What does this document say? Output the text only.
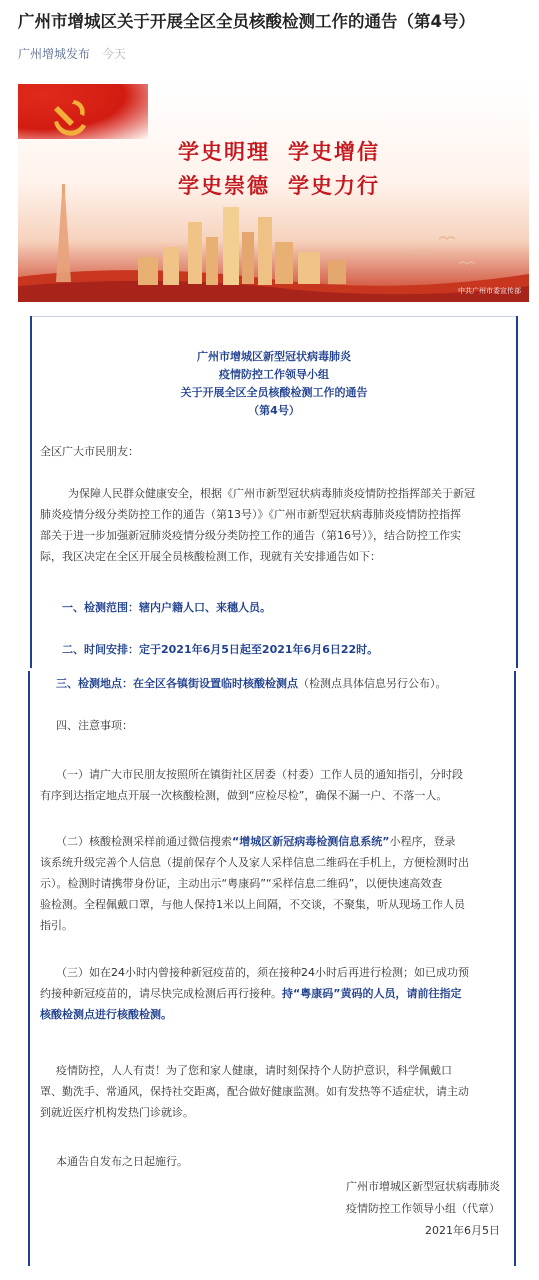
广州市增城区关于开展全区全员核酸检测工作的通告（第4号）
广州增城发布 今天
学史明理 学史增信
学史崇德 学史力行
中共广州市委宣传部
广州市增城区新型冠状病毒肺炎
疫情防控工作领导小组
关于开展全区全员核酸检测工作的通告
（第4号）
全区广大市民朋友：
为保障人民群众健康安全，根据《广州市新型冠状病毒肺炎疫情防控指挥部关于新冠
肺炎疫情分级分类防控工作的通告（第13号）》《广州市新型冠状病毒肺炎疫情防控指挥
部关于进一步加强新冠肺炎疫情分级分类防控工作的通告（第16号）》，结合防控工作实
际，我区决定在全区开展全员核酸检测工作，现就有关安排通告如下：
一、检测范围：辖内户籍人口、来穗人员。
二、时间安排：定于2021年6月5日起至2021年6月6日22时。
三、检测地点：在全区各镇街设置临时核酸检测点（检测点具体信息另行公布）。
四、注意事项：
（一）请广大市民朋友按照所在镇街社区居委（村委）工作人员的通知指引，分时段
有序到达指定地点开展一次核酸检测，做到“应检尽检”，确保不漏一户、不落一人。
（二）核酸检测采样前通过微信搜索“增城区新冠病毒检测信息系统”小程序，登录
该系统升级完善个人信息（提前保存个人及家人采样信息二维码在手机上，方便检测时出
示）。检测时请携带身份证，主动出示“粤康码”“采样信息二维码”，以便快速高效查
验检测。全程佩戴口罩，与他人保持1米以上间隔，不交谈，不聚集，听从现场工作人员
指引。
（三）如在24小时内曾接种新冠疫苗的，须在接种24小时后再进行检测；如已成功预
约接种新冠疫苗的，请尽快完成检测后再行接种。持“粤康码”黄码的人员，请前往指定
核酸检测点进行核酸检测。
疫情防控，人人有责！为了您和家人健康，请时刻保持个人防护意识，科学佩戴口
罩、勤洗手、常通风，保持社交距离，配合做好健康监测。如有发热等不适症状，请主动
到就近医疗机构发热门诊就诊。
本通告自发布之日起施行。
广州市增城区新型冠状病毒肺炎
疫情防控工作领导小组（代章）
2021年6月5日
